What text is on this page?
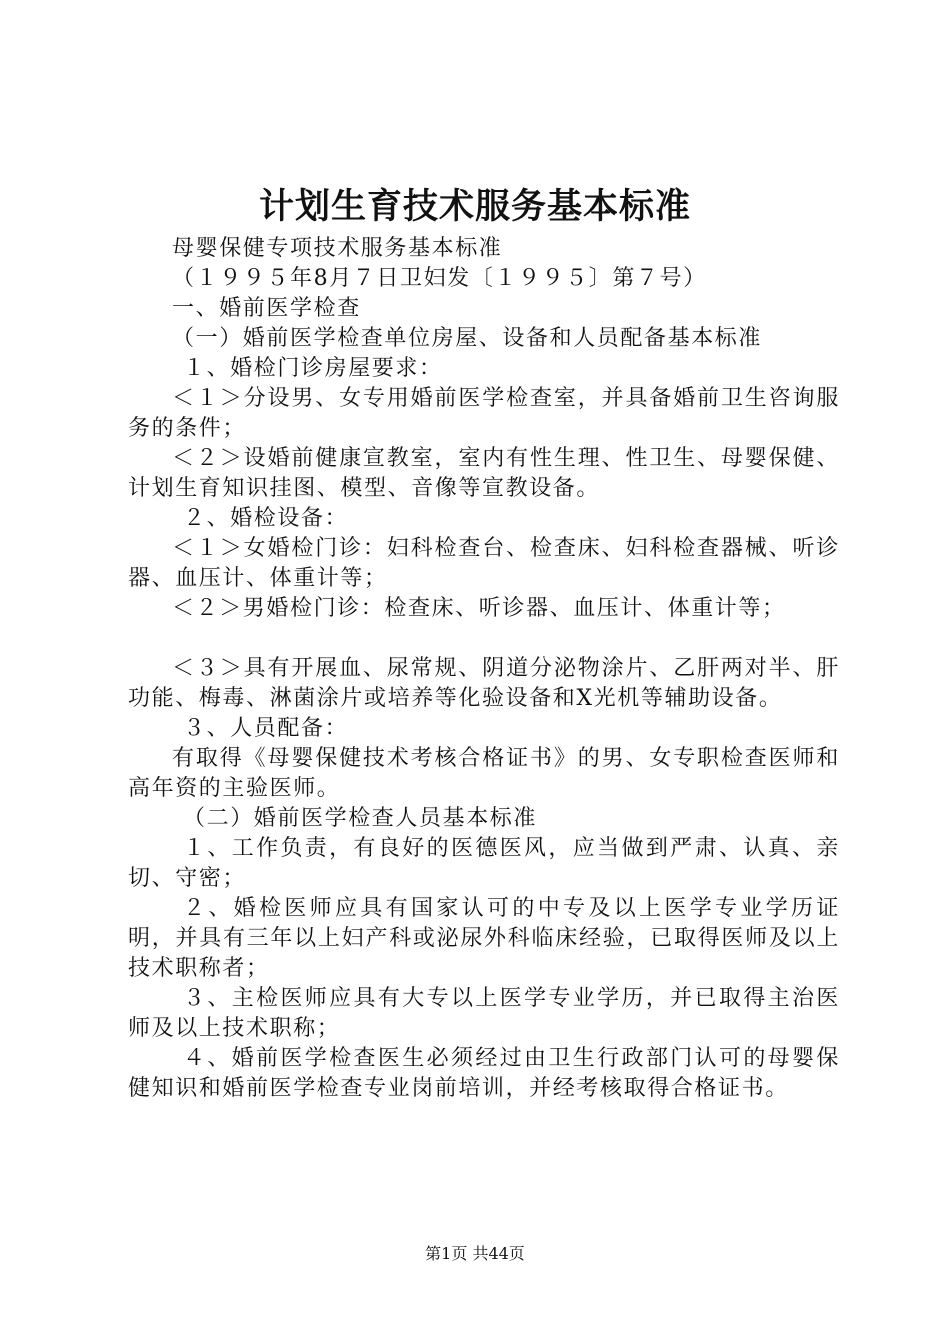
计划生育技术服务基本标准

母婴保健专项技术服务基本标准

（１９９５年8月７日卫妇发〔１９９５〕第７号）

一、婚前医学检查

（一）婚前医学检查单位房屋、设备和人员配备基本标准

１、婚检门诊房屋要求：

＜１＞分设男、女专用婚前医学检查室，并具备婚前卫生咨询服务的条件；

＜２＞设婚前健康宣教室，室内有性生理、性卫生、母婴保健、计划生育知识挂图、模型、音像等宣教设备。

２、婚检设备：

＜１＞女婚检门诊：妇科检查台、检查床、妇科检查器械、听诊器、血压计、体重计等；

＜２＞男婚检门诊：检查床、听诊器、血压计、体重计等；

＜３＞具有开展血、尿常规、阴道分泌物涂片、乙肝两对半、肝功能、梅毒、淋菌涂片或培养等化验设备和X光机等辅助设备。

３、人员配备：

有取得《母婴保健技术考核合格证书》的男、女专职检查医师和高年资的主验医师。

（二）婚前医学检查人员基本标准

１、工作负责，有良好的医德医风，应当做到严肃、认真、亲切、守密；

２、婚检医师应具有国家认可的中专及以上医学专业学历证明，并具有三年以上妇产科或泌尿外科临床经验，已取得医师及以上技术职称者；

３、主检医师应具有大专以上医学专业学历，并已取得主治医师及以上技术职称；

４、婚前医学检查医生必须经过由卫生行政部门认可的母婴保健知识和婚前医学检查专业岗前培训，并经考核取得合格证书。

第1页 共44页
